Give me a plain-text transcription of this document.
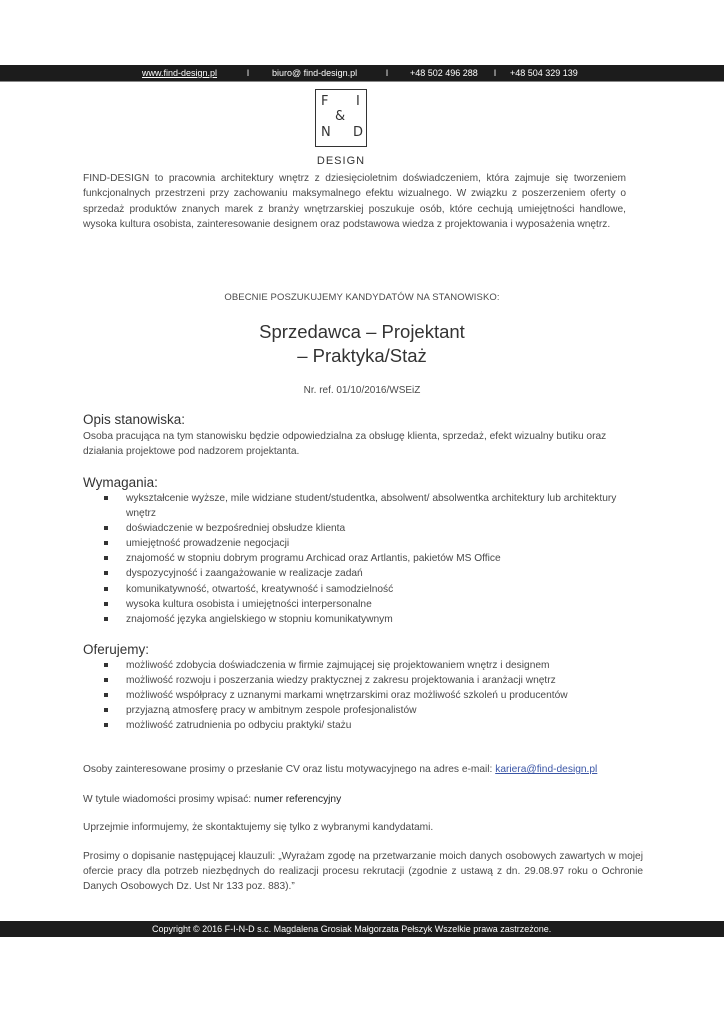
www.find-design.pl	l	biuro@ find-design.pl	l +48 502 496 288 l +48 504 329 139
F I
&
N D
DESIGN

FIND-DESIGN to pracownia architektury wnętrz z dziesięcioletnim doświadczeniem, która zajmuje się tworzeniem funkcjonalnych przestrzeni przy zachowaniu maksymalnego efektu wizualnego. W związku z poszerzeniem oferty o sprzedaż produktów znanych marek z branży wnętrzarskiej poszukuje osób, które cechują umiejętności handlowe, wysoka kultura osobista, zainteresowanie designem oraz podstawowa wiedza z projektowania i wyposażenia wnętrz.

OBECNIE POSZUKUJEMY KANDYDATÓW NA STANOWISKO:
Sprzedawca – Projektant
– Praktyka/Staż
Nr. ref. 01/10/2016/WSEiZ
Opis stanowiska:

Osoba pracująca na tym stanowisku będzie odpowiedzialna za obsługę klienta, sprzedaż, efekt wizualny butiku oraz działania projektowe pod nadzorem projektanta.

Wymagania:
wykształcenie wyższe, mile widziane student/studentka, absolwent/ absolwentka architektury lub architektury wnętrz
doświadczenie w bezpośredniej obsłudze klienta
umiejętność prowadzenie negocjacji
znajomość w stopniu dobrym programu Archicad oraz Artlantis, pakietów MS Office
dyspozycyjność i zaangażowanie w realizacje zadań
komunikatywność, otwartość, kreatywność i samodzielność
wysoka kultura osobista i umiejętności interpersonalne
znajomość języka angielskiego w stopniu komunikatywnym
Oferujemy:
możliwość zdobycia doświadczenia w firmie zajmującej się projektowaniem wnętrz i designem
możliwość rozwoju i poszerzania wiedzy praktycznej z zakresu projektowania i aranżacji wnętrz
możliwość współpracy z uznanymi markami wnętrzarskimi oraz możliwość szkoleń u producentów
przyjazną atmosferę pracy w ambitnym zespole profesjonalistów
możliwość zatrudnienia po odbyciu praktyki/ stażu

Osoby zainteresowane prosimy o przesłanie CV oraz listu motywacyjnego na adres e-mail: kariera@find-design.pl

W tytule wiadomości prosimy wpisać: numer referencyjny

Uprzejmie informujemy, że skontaktujemy się tylko z wybranymi kandydatami.

Prosimy o dopisanie następującej klauzuli: „Wyrażam zgodę na przetwarzanie moich danych osobowych zawartych w mojej ofercie pracy dla potrzeb niezbędnych do realizacji procesu rekrutacji (zgodnie z ustawą z dn. 29.08.97 roku o Ochronie Danych Osobowych Dz. Ust Nr 133 poz. 883).”

Copyright © 2016 F-I-N-D s.c. Magdalena Grosiak Małgorzata Pełszyk Wszelkie prawa zastrzeżone.
